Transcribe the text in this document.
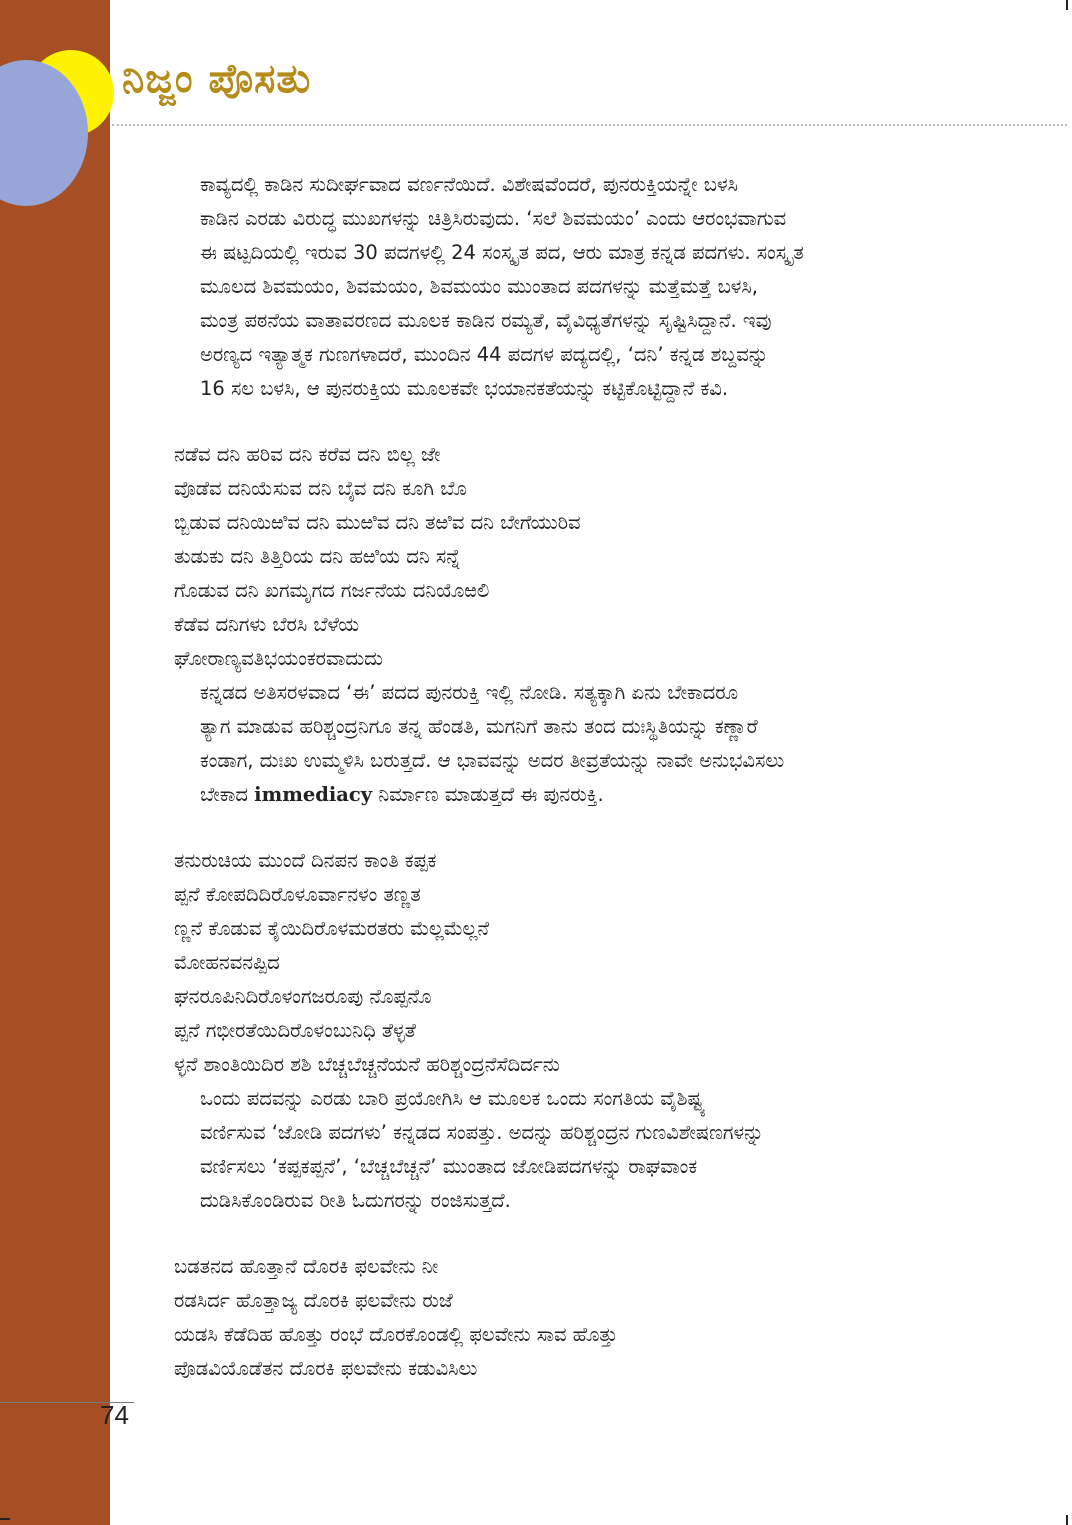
ನಿಜ್ಜಂ ಪೊಸತು

ಕಾವ್ಯದಲ್ಲಿ ಕಾಡಿನ ಸುದೀರ್ಘವಾದ ವರ್ಣನೆಯಿದೆ. ವಿಶೇಷವೆಂದರೆ, ಪುನರುಕ್ತಿಯನ್ನೇ ಬಳಸಿ
ಕಾಡಿನ ಎರಡು ವಿರುದ್ಧ ಮುಖಗಳನ್ನು ಚಿತ್ರಿಸಿರುವುದು. ‘ಸಲೆ ಶಿವಮಯಂ’ ಎಂದು ಆರಂಭವಾಗುವ
ಈ ಷಟ್ಪದಿಯಲ್ಲಿ ಇರುವ 30 ಪದಗಳಲ್ಲಿ 24 ಸಂಸ್ಕೃತ ಪದ, ಆರು ಮಾತ್ರ ಕನ್ನಡ ಪದಗಳು. ಸಂಸ್ಕೃತ
ಮೂಲದ ಶಿವಮಯಂ, ಶಿವಮಯಂ, ಶಿವಮಯಂ ಮುಂತಾದ ಪದಗಳನ್ನು ಮತ್ತೆಮತ್ತೆ ಬಳಸಿ,
ಮಂತ್ರ ಪಠನೆಯ ವಾತಾವರಣದ ಮೂಲಕ ಕಾಡಿನ ರಮ್ಯತೆ, ವೈವಿಧ್ಯತೆಗಳನ್ನು ಸೃಷ್ಟಿಸಿದ್ದಾನೆ. ಇವು
ಅರಣ್ಯದ ಇತ್ಯಾತ್ಮಕ ಗುಣಗಳಾದರೆ, ಮುಂದಿನ 44 ಪದಗಳ ಪದ್ಯದಲ್ಲಿ, ‘ದನಿ’ ಕನ್ನಡ ಶಬ್ದವನ್ನು
16 ಸಲ ಬಳಸಿ, ಆ ಪುನರುಕ್ತಿಯ ಮೂಲಕವೇ ಭಯಾನಕತೆಯನ್ನು ಕಟ್ಟಿಕೊಟ್ಟಿದ್ದಾನೆ ಕವಿ.

ನಡೆವ ದನಿ ಹರಿವ ದನಿ ಕರೆವ ದನಿ ಬಿಲ್ಲ ಜೇ
ವೊಡೆವ ದನಿಯೆಸುವ ದನಿ ಬೈವ ದನಿ ಕೂಗಿ ಬೊ
ಬ್ಬಿಡುವ ದನಿಯಿಱಿವ ದನಿ ಮುಱಿವ ದನಿ ತಱಿವ ದನಿ ಬೇಗೆಯುರಿವ
ತುಡುಕು ದನಿ ತಿತ್ತಿರಿಯ ದನಿ ಹಱಿಯ ದನಿ ಸನ್ನೆ
ಗೊಡುವ ದನಿ ಖಗಮೃಗದ ಗರ್ಜನೆಯ ದನಿಯೊಱಲಿ
ಕೆಡೆವ ದನಿಗಳು ಬೆರಸಿ ಬೆಳೆಯ
ಘೋರಾಣ್ಯವತಿಭಯಂಕರವಾದುದು

ಕನ್ನಡದ ಅತಿಸರಳವಾದ ‘ಈ’ ಪದದ ಪುನರುಕ್ತಿ ಇಲ್ಲಿ ನೋಡಿ. ಸತ್ಯಕ್ಕಾಗಿ ಏನು ಬೇಕಾದರೂ
ತ್ಯಾಗ ಮಾಡುವ ಹರಿಶ್ಚಂದ್ರನಿಗೂ ತನ್ನ ಹೆಂಡತಿ, ಮಗನಿಗೆ ತಾನು ತಂದ ದುಃಸ್ಥಿತಿಯನ್ನು ಕಣ್ಣಾರೆ
ಕಂಡಾಗ, ದುಃಖ ಉಮ್ಮಳಿಸಿ ಬರುತ್ತದೆ. ಆ ಭಾವವನ್ನು ಅದರ ತೀವ್ರತೆಯನ್ನು ನಾವೇ ಅನುಭವಿಸಲು
ಬೇಕಾದ immediacy ನಿರ್ಮಾಣ ಮಾಡುತ್ತದೆ ಈ ಪುನರುಕ್ತಿ.

ತನುರುಚಿಯ ಮುಂದೆ ದಿನಪನ ಕಾಂತಿ ಕಪ್ಪಕ
ಪ್ಪನೆ ಕೋಪದಿದಿರೊಳೂರ್ವಾನಳಂ ತಣ್ಣತ
ಣ್ಣನೆ ಕೊಡುವ ಕೈಯಿದಿರೊಳಮರತರು ಮೆಲ್ಲಮೆಲ್ಲನೆ
ಮೋಹನವನಪ್ಪಿದ
ಘನರೂಪಿನಿದಿರೊಳಂಗಜರೂಪು ನೊಪ್ಪನೊ
ಪ್ಪನೆ ಗಭೀರತೆಯಿದಿರೊಳಂಬುನಿಧಿ ತೆಳ್ಳತೆ
ಳ್ಳನೆ ಶಾಂತಿಯಿದಿರ ಶಶಿ ಬೆಚ್ಚಬೆಚ್ಚನೆಯನೆ ಹರಿಶ್ಚಂದ್ರನೆಸೆದಿರ್ದನು

ಒಂದು ಪದವನ್ನು ಎರಡು ಬಾರಿ ಪ್ರಯೋಗಿಸಿ ಆ ಮೂಲಕ ಒಂದು ಸಂಗತಿಯ ವೈಶಿಷ್ಟ್ಯ
ವರ್ಣಿಸುವ ‘ಜೋಡಿ ಪದಗಳು’ ಕನ್ನಡದ ಸಂಪತ್ತು. ಅದನ್ನು ಹರಿಶ್ಚಂದ್ರನ ಗುಣವಿಶೇಷಣಗಳನ್ನು
ವರ್ಣಿಸಲು ‘ಕಪ್ಪಕಪ್ಪನೆ’, ‘ಬೆಚ್ಚಬೆಚ್ಚನೆ’ ಮುಂತಾದ ಜೋಡಿಪದಗಳನ್ನು ರಾಘವಾಂಕ
ದುಡಿಸಿಕೊಂಡಿರುವ ರೀತಿ ಓದುಗರನ್ನು ರಂಜಿಸುತ್ತದೆ.

ಬಡತನದ ಹೊತ್ತಾನೆ ದೊರಕಿ ಫಲವೇನು ನೀ
ರಡಸಿರ್ದ ಹೊತ್ತಾಜ್ಯ ದೊರಕಿ ಫಲವೇನು ರುಜೆ
ಯಡಸಿ ಕೆಡೆದಿಹ ಹೊತ್ತು ರಂಭೆ ದೊರಕೊಂಡಲ್ಲಿ ಫಲವೇನು ಸಾವ ಹೊತ್ತು
ಪೊಡವಿಯೊಡೆತನ ದೊರಕಿ ಫಲವೇನು ಕಡುವಿಸಿಲು

74
